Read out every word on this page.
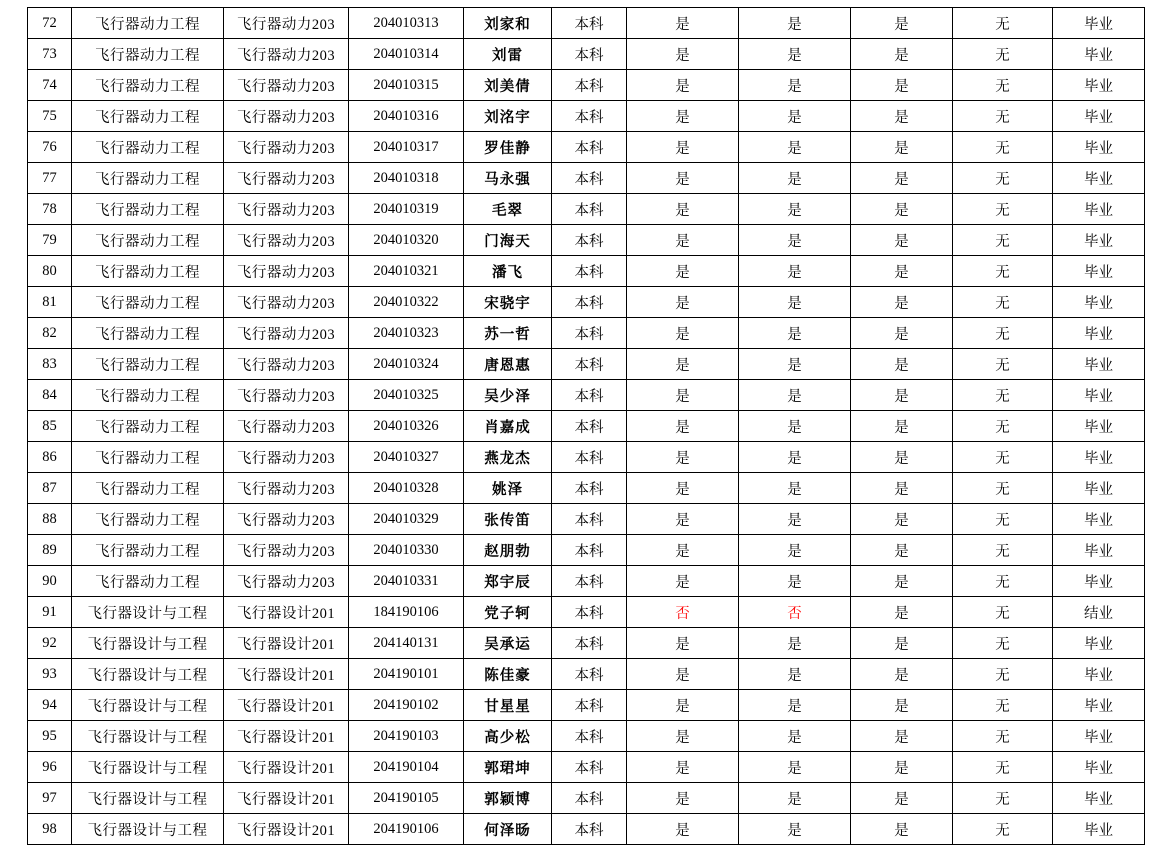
72	飞行器动力工程	飞行器动力203	204010313	刘家和	本科	是	是	是	无	毕业
73	飞行器动力工程	飞行器动力203	204010314	刘雷	本科	是	是	是	无	毕业
74	飞行器动力工程	飞行器动力203	204010315	刘美倩	本科	是	是	是	无	毕业
75	飞行器动力工程	飞行器动力203	204010316	刘洺宇	本科	是	是	是	无	毕业
76	飞行器动力工程	飞行器动力203	204010317	罗佳静	本科	是	是	是	无	毕业
77	飞行器动力工程	飞行器动力203	204010318	马永强	本科	是	是	是	无	毕业
78	飞行器动力工程	飞行器动力203	204010319	毛翠	本科	是	是	是	无	毕业
79	飞行器动力工程	飞行器动力203	204010320	门海天	本科	是	是	是	无	毕业
80	飞行器动力工程	飞行器动力203	204010321	潘飞	本科	是	是	是	无	毕业
81	飞行器动力工程	飞行器动力203	204010322	宋骁宇	本科	是	是	是	无	毕业
82	飞行器动力工程	飞行器动力203	204010323	苏一哲	本科	是	是	是	无	毕业
83	飞行器动力工程	飞行器动力203	204010324	唐恩惠	本科	是	是	是	无	毕业
84	飞行器动力工程	飞行器动力203	204010325	吴少泽	本科	是	是	是	无	毕业
85	飞行器动力工程	飞行器动力203	204010326	肖嘉成	本科	是	是	是	无	毕业
86	飞行器动力工程	飞行器动力203	204010327	燕龙杰	本科	是	是	是	无	毕业
87	飞行器动力工程	飞行器动力203	204010328	姚泽	本科	是	是	是	无	毕业
88	飞行器动力工程	飞行器动力203	204010329	张传笛	本科	是	是	是	无	毕业
89	飞行器动力工程	飞行器动力203	204010330	赵朋勃	本科	是	是	是	无	毕业
90	飞行器动力工程	飞行器动力203	204010331	郑宇辰	本科	是	是	是	无	毕业
91	飞行器设计与工程	飞行器设计201	184190106	党子轲	本科	否	否	是	无	结业
92	飞行器设计与工程	飞行器设计201	204140131	吴承运	本科	是	是	是	无	毕业
93	飞行器设计与工程	飞行器设计201	204190101	陈佳豪	本科	是	是	是	无	毕业
94	飞行器设计与工程	飞行器设计201	204190102	甘星星	本科	是	是	是	无	毕业
95	飞行器设计与工程	飞行器设计201	204190103	高少松	本科	是	是	是	无	毕业
96	飞行器设计与工程	飞行器设计201	204190104	郭珺坤	本科	是	是	是	无	毕业
97	飞行器设计与工程	飞行器设计201	204190105	郭颖博	本科	是	是	是	无	毕业
98	飞行器设计与工程	飞行器设计201	204190106	何泽旸	本科	是	是	是	无	毕业
